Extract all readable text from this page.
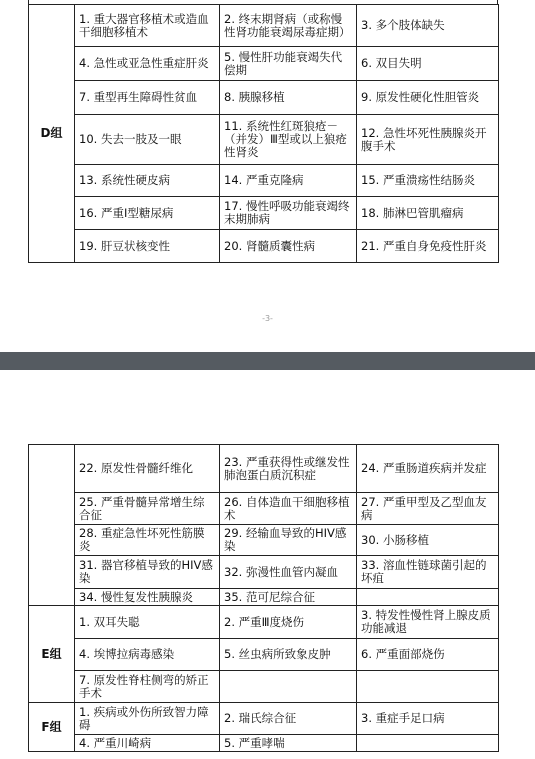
D组	1. 重大器官移植术或造血干细胞移植术	2. 终末期肾病（或称慢性肾功能衰竭尿毒症期）	3. 多个肢体缺失
	4. 急性或亚急性重症肝炎	5. 慢性肝功能衰竭失代偿期	6. 双目失明
	7. 重型再生障碍性贫血	8. 胰腺移植	9. 原发性硬化性胆管炎
	10. 失去一肢及一眼	11. 系统性红斑狼疮－（并发）Ⅲ型或以上狼疮性肾炎	12. 急性坏死性胰腺炎开腹手术
	13. 系统性硬皮病	14. 严重克隆病	15. 严重溃疡性结肠炎
	16. 严重Ⅰ型糖尿病	17. 慢性呼吸功能衰竭终末期肺病	18. 肺淋巴管肌瘤病
	19. 肝豆状核变性	20. 肾髓质囊性病	21. 严重自身免疫性肝炎
-3-
	22. 原发性骨髓纤维化	23. 严重获得性或继发性肺泡蛋白质沉积症	24. 严重肠道疾病并发症
	25. 严重骨髓异常增生综合征	26. 自体造血干细胞移植术	27. 严重甲型及乙型血友病
	28. 重症急性坏死性筋膜炎	29. 经输血导致的HIV感染	30. 小肠移植
	31. 器官移植导致的HIV感染	32. 弥漫性血管内凝血	33. 溶血性链球菌引起的坏疽
	34. 慢性复发性胰腺炎	35. 范可尼综合征	
E组	1. 双耳失聪	2. 严重Ⅲ度烧伤	3. 特发性慢性肾上腺皮质功能减退
	4. 埃博拉病毒感染	5. 丝虫病所致象皮肿	6. 严重面部烧伤
	7. 原发性脊柱侧弯的矫正手术		
F组	1. 疾病或外伤所致智力障碍	2. 瑞氏综合征	3. 重症手足口病
	4. 严重川崎病	5. 严重哮喘	
